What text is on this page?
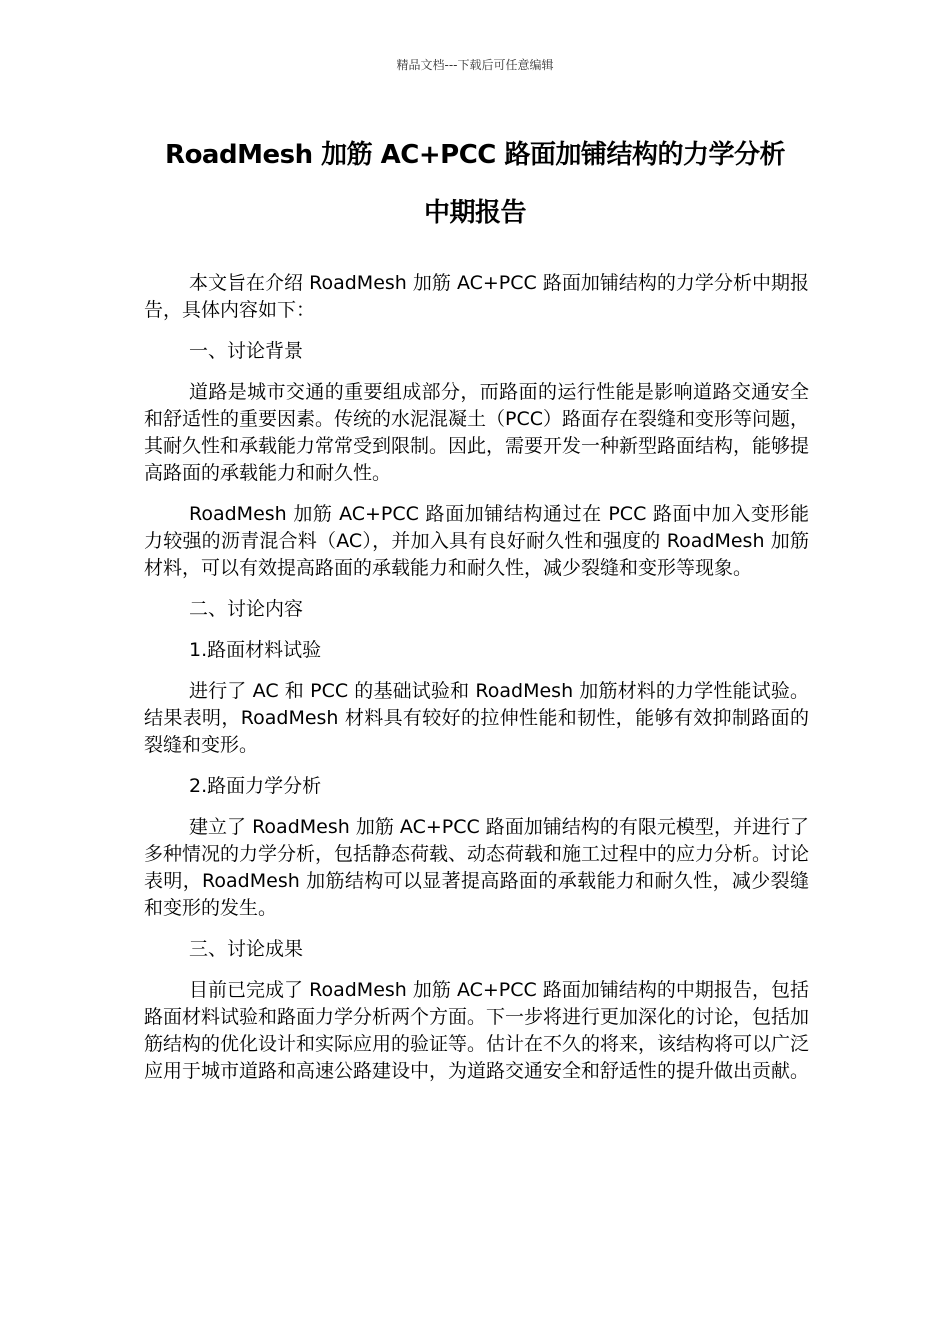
精品文档---下载后可任意编辑
RoadMesh 加筋 AC+PCC 路面加铺结构的力学分析
中期报告

本文旨在介绍 RoadMesh 加筋 AC+PCC 路面加铺结构的力学分析中期报告，具体内容如下：

一、讨论背景

道路是城市交通的重要组成部分，而路面的运行性能是影响道路交通安全和舒适性的重要因素。传统的水泥混凝土（PCC）路面存在裂缝和变形等问题，其耐久性和承载能力常常受到限制。因此，需要开发一种新型路面结构，能够提高路面的承载能力和耐久性。

RoadMesh 加筋 AC+PCC 路面加铺结构通过在 PCC 路面中加入变形能力较强的沥青混合料（AC），并加入具有良好耐久性和强度的 RoadMesh 加筋材料，可以有效提高路面的承载能力和耐久性，减少裂缝和变形等现象。

二、讨论内容

1.路面材料试验

进行了 AC 和 PCC 的基础试验和 RoadMesh 加筋材料的力学性能试验。结果表明，RoadMesh 材料具有较好的拉伸性能和韧性，能够有效抑制路面的裂缝和变形。

2.路面力学分析

建立了 RoadMesh 加筋 AC+PCC 路面加铺结构的有限元模型，并进行了多种情况的力学分析，包括静态荷载、动态荷载和施工过程中的应力分析。讨论表明，RoadMesh 加筋结构可以显著提高路面的承载能力和耐久性，减少裂缝和变形的发生。

三、讨论成果

目前已完成了 RoadMesh 加筋 AC+PCC 路面加铺结构的中期报告，包括路面材料试验和路面力学分析两个方面。下一步将进行更加深化的讨论，包括加筋结构的优化设计和实际应用的验证等。估计在不久的将来，该结构将可以广泛应用于城市道路和高速公路建设中，为道路交通安全和舒适性的提升做出贡献。
